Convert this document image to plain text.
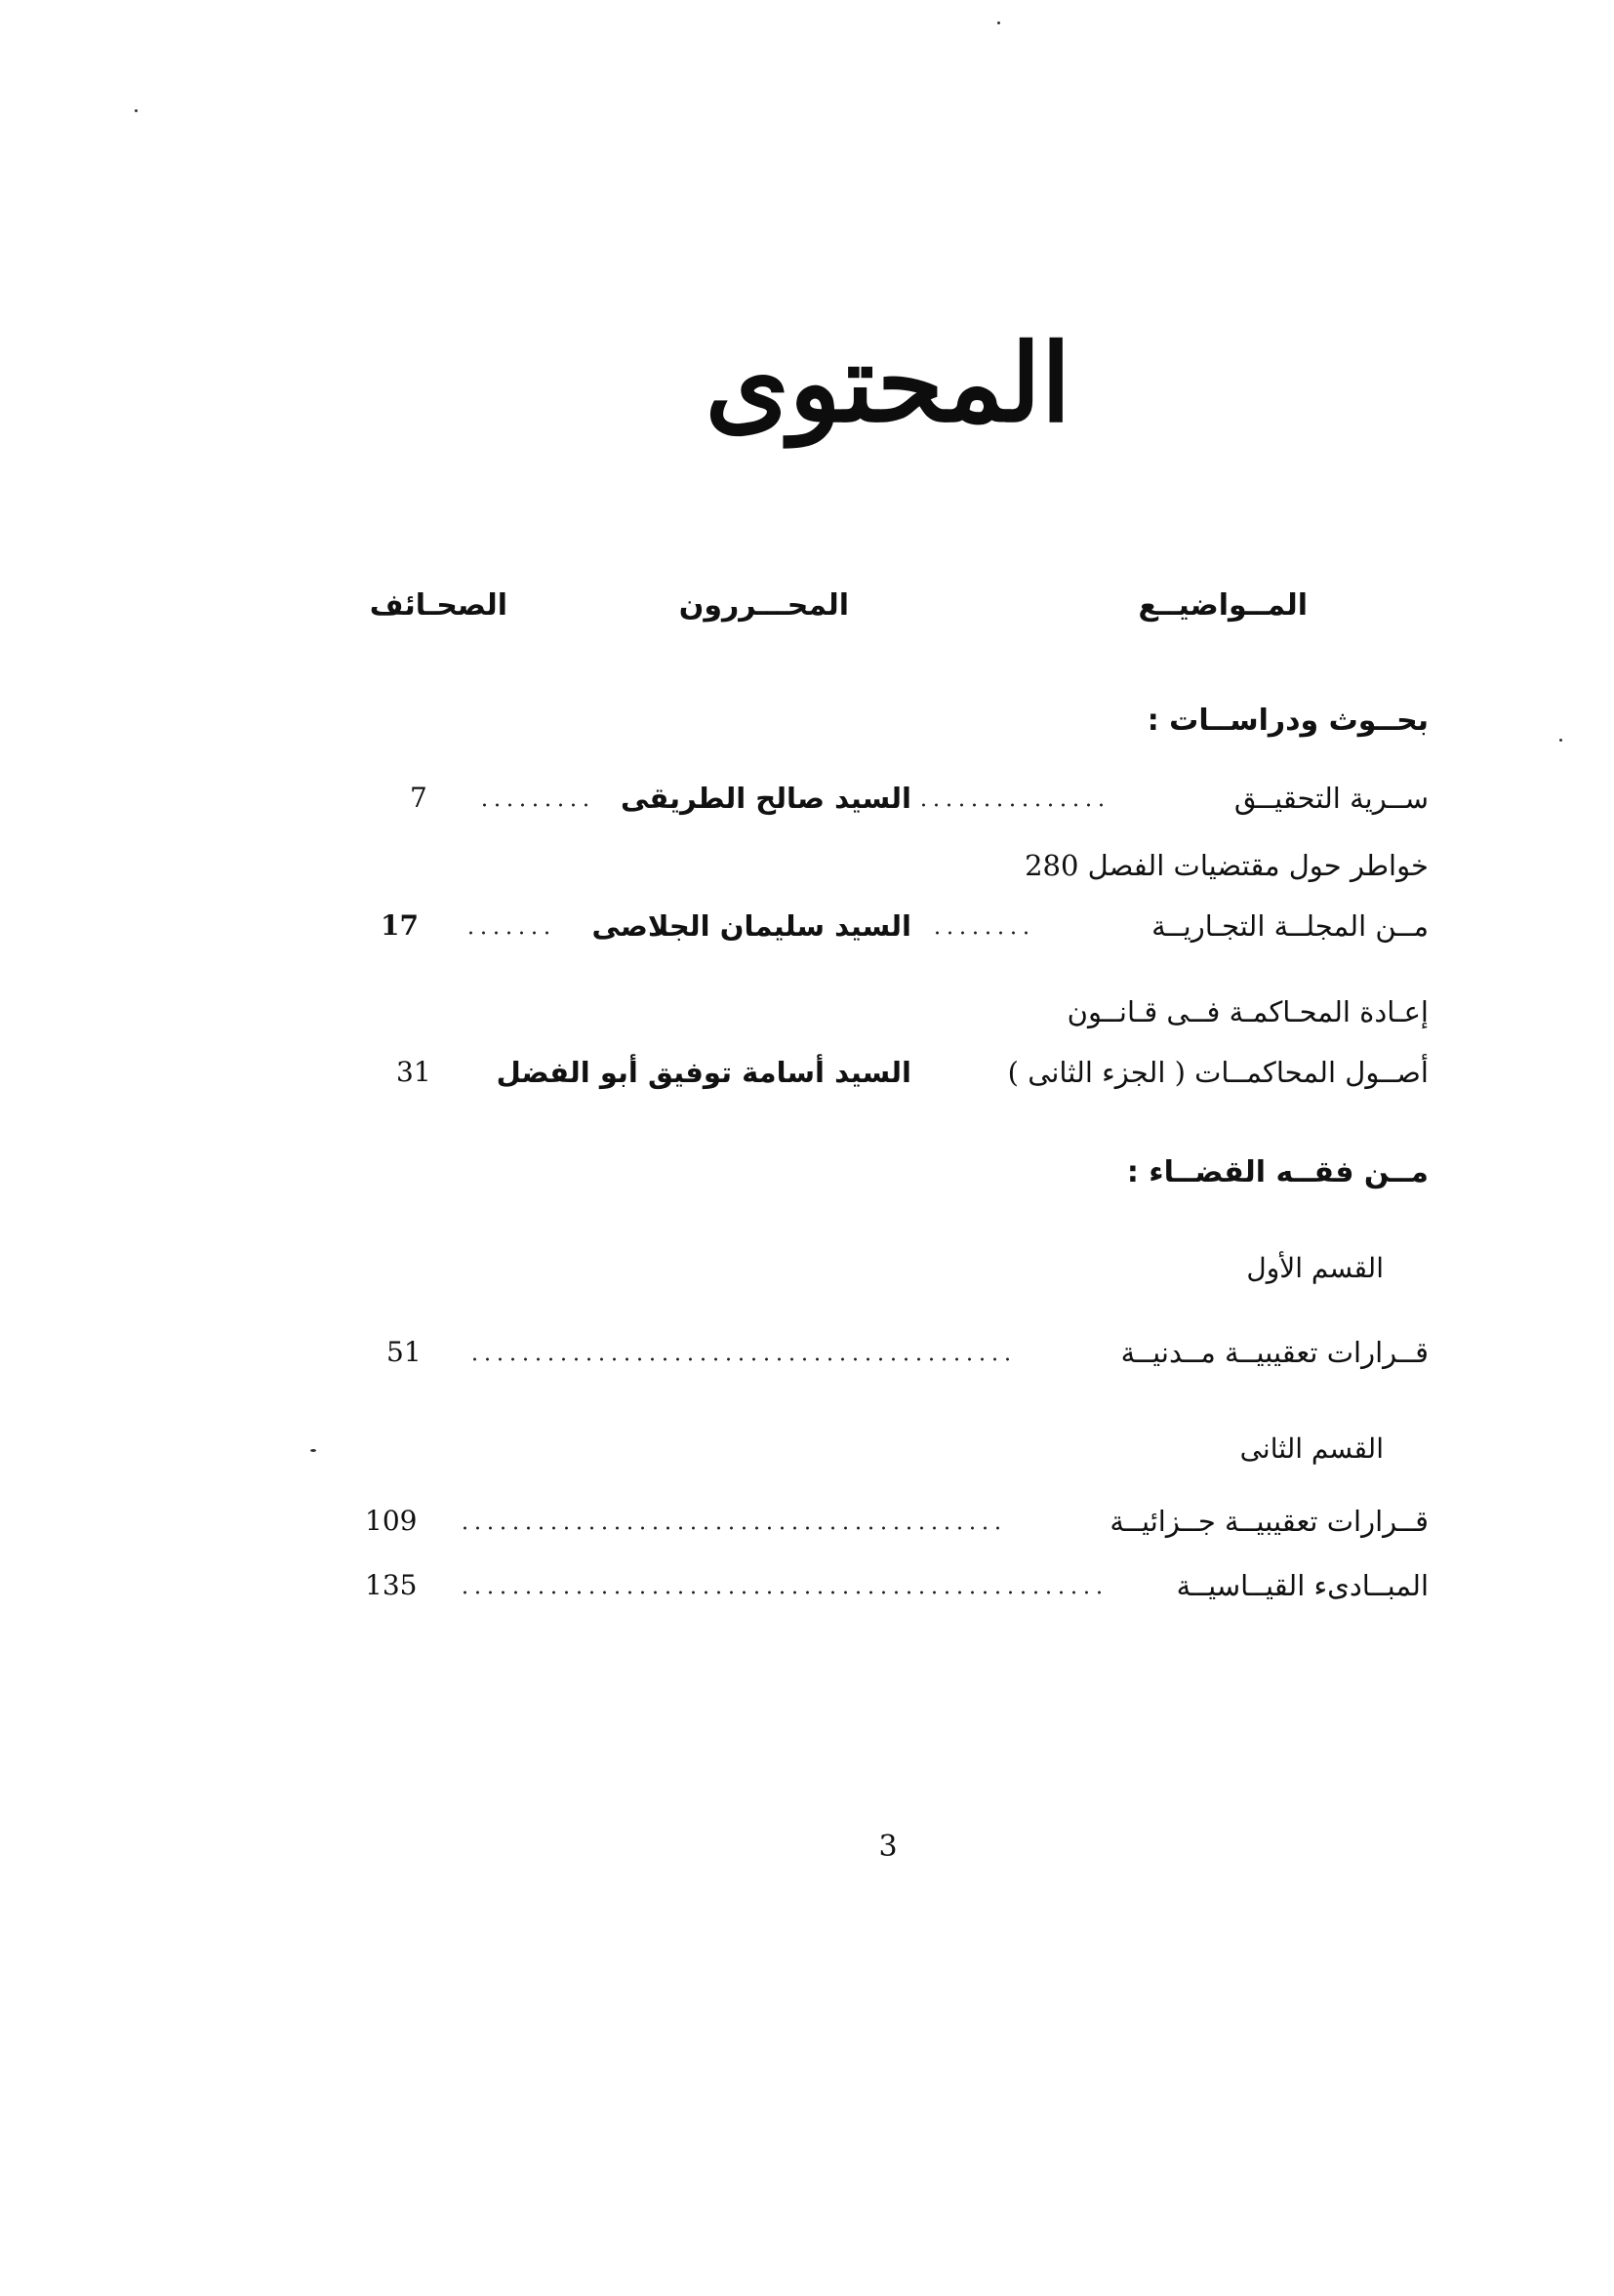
المحتوى
المــواضيــع
المحـــررون
الصحـائف
بحــوث ودراســات :
ســرية التحقيــق
السيد صالح الطريقى
7
خواطر حول مقتضيات الفصل 280
مــن المجلــة التجـاريــة
السيد سليمان الجلاصى
17
إعـادة المحـاكمـة فــى قـانــون
أصــول المحاكمــات ( الجزء الثانى )
السيد أسامة توفيق أبو الفضل
31
مــن فقــه القضــاء :
القسم الأول
قــرارات تعقيبيــة مــدنيــة
51
القسم الثانى
قــرارات تعقيبيــة جــزائيــة
109
المبــادىء القيــاسيــة
135
3
